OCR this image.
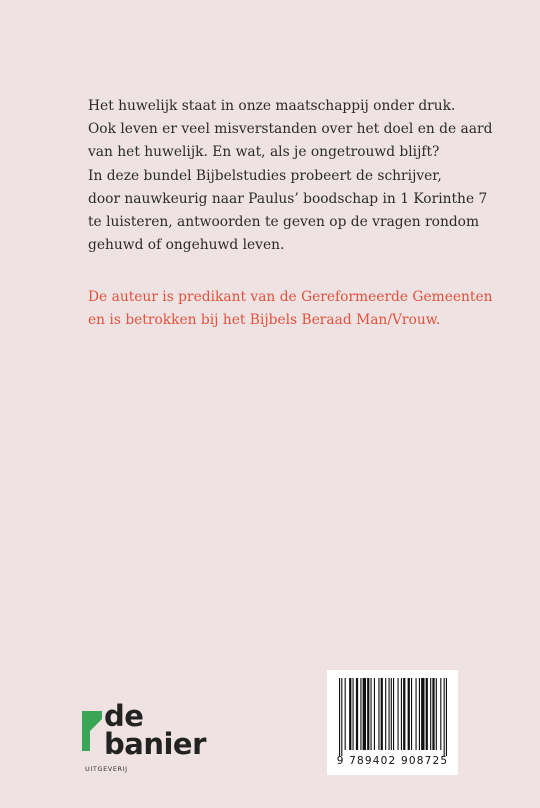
Het huwelijk staat in onze maatschappij onder druk.
Ook leven er veel misverstanden over het doel en de aard
van het huwelijk. En wat, als je ongetrouwd blijft?
In deze bundel Bijbelstudies probeert de schrijver,
door nauwkeurig naar Paulus’ boodschap in 1 Korinthe 7
te luisteren, antwoorden te geven op de vragen rondom
gehuwd of ongehuwd leven.

De auteur is predikant van de Gereformeerde Gemeenten
en is betrokken bij het Bijbels Beraad Man/Vrouw.

de
banier
UITGEVERIJ
9 789402 908725
